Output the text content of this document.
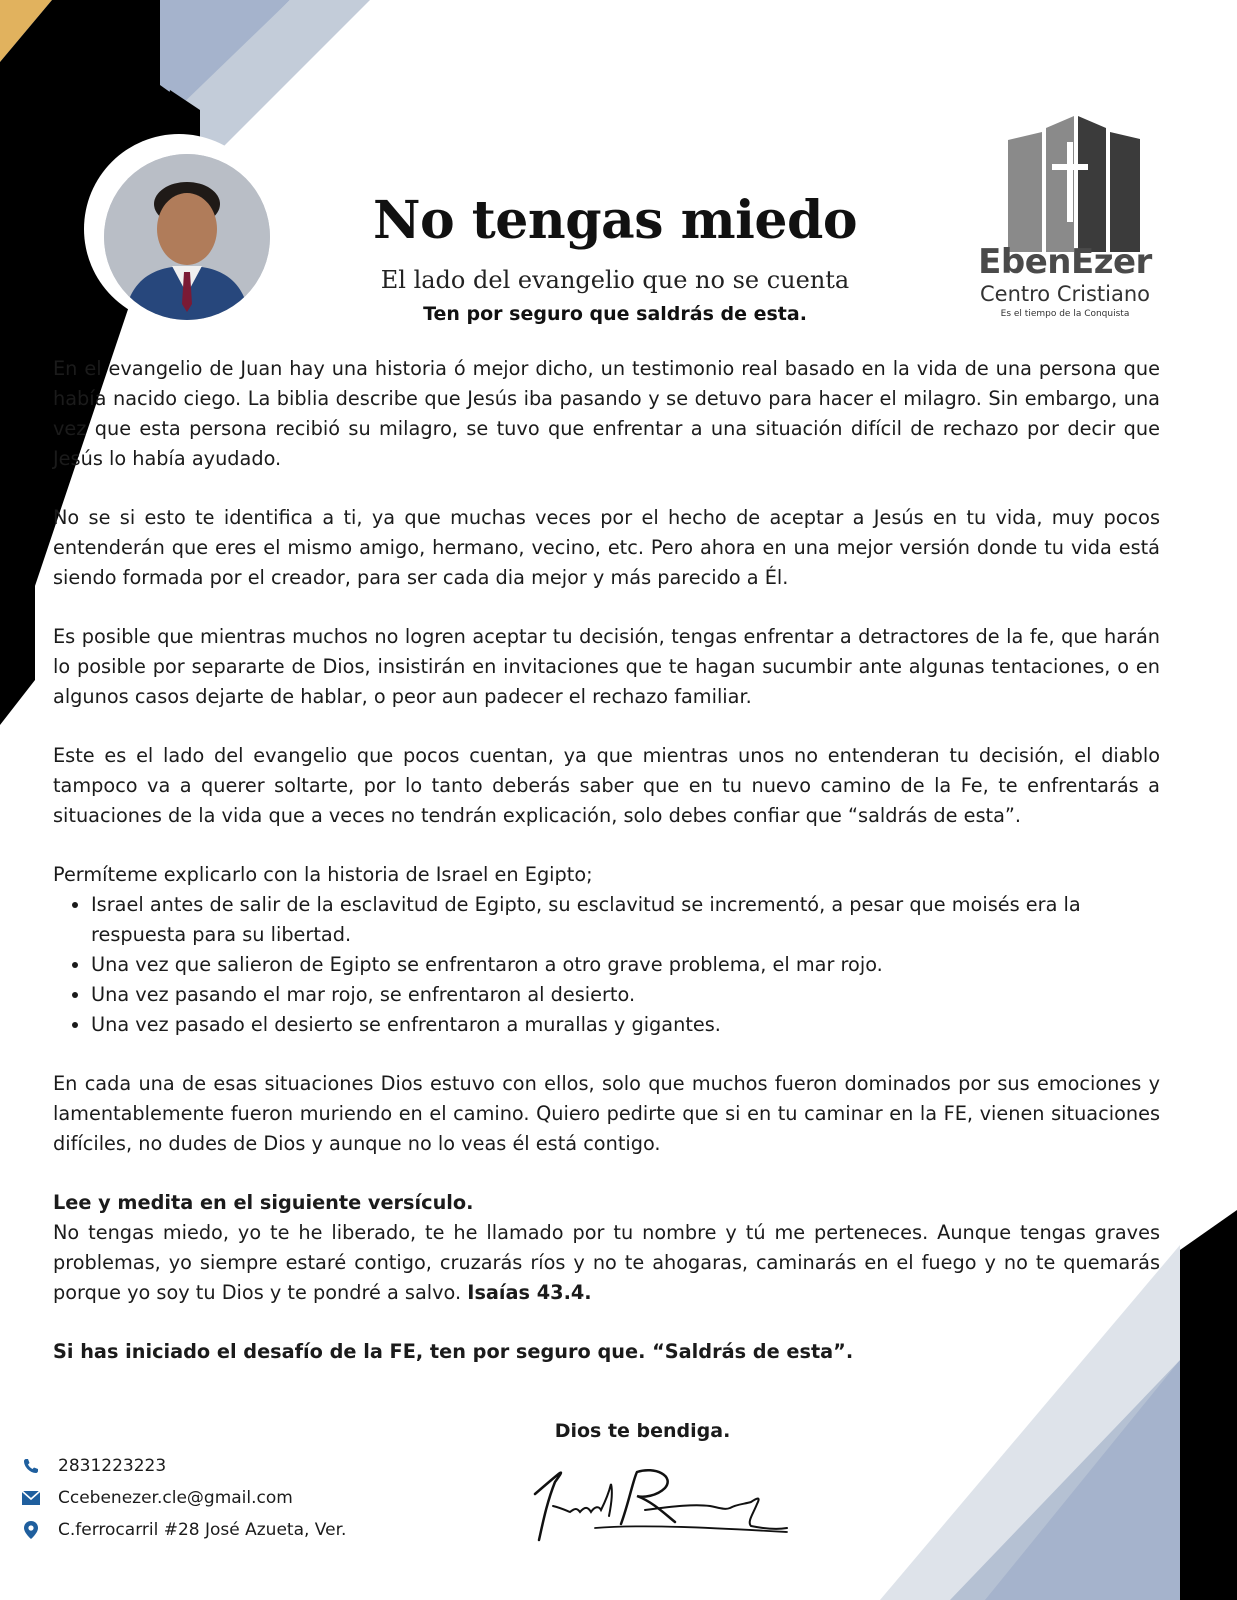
No tengas miedo
El lado del evangelio que no se cuenta
Ten por seguro que saldrás de esta.
EbenEzer
Centro Cristiano
Es el tiempo de la Conquista

En el evangelio de Juan hay una historia ó mejor dicho, un testimonio real basado en la vida de una persona que había nacido ciego. La biblia describe que Jesús iba pasando y se detuvo para hacer el milagro. Sin embargo, una vez que esta persona recibió su milagro, se tuvo que enfrentar a una situación difícil de rechazo por decir que Jesús lo había ayudado.

No se si esto te identifica a ti, ya que muchas veces por el hecho de aceptar a Jesús en tu vida, muy pocos entenderán que eres el mismo amigo, hermano, vecino, etc. Pero ahora en una mejor versión donde tu vida está siendo formada por el creador, para ser cada dia mejor y más parecido a Él.

Es posible que mientras muchos no logren aceptar tu decisión, tengas enfrentar a detractores de la fe, que harán lo posible por separarte de Dios, insistirán en invitaciones que te hagan sucumbir ante algunas tentaciones, o en algunos casos dejarte de hablar, o peor aun padecer el rechazo familiar.

Este es el lado del evangelio que pocos cuentan, ya que mientras unos no entenderan tu decisión, el diablo tampoco va a querer soltarte, por lo tanto deberás saber que en tu nuevo camino de la Fe, te enfrentarás a situaciones de la vida que a veces no tendrán explicación, solo debes confiar que “saldrás de esta”.

Permíteme explicarlo con la historia de Israel en Egipto;

• Israel antes de salir de la esclavitud de Egipto, su esclavitud se incrementó, a pesar que moisés era la respuesta para su libertad.
• Una vez que salieron de Egipto se enfrentaron a otro grave problema, el mar rojo.
• Una vez pasando el mar rojo, se enfrentaron al desierto.
• Una vez pasado el desierto se enfrentaron a murallas y gigantes.

En cada una de esas situaciones Dios estuvo con ellos, solo que muchos fueron dominados por sus emociones y lamentablemente fueron muriendo en el camino. Quiero pedirte que si en tu caminar en la FE, vienen situaciones difíciles, no dudes de Dios y aunque no lo veas él está contigo.

Lee y medita en el siguiente versículo.

No tengas miedo, yo te he liberado, te he llamado por tu nombre y tú me perteneces. Aunque tengas graves problemas, yo siempre estaré contigo, cruzarás ríos y no te ahogaras, caminarás en el fuego y no te quemarás porque yo soy tu Dios y te pondré a salvo. Isaías 43.4.

Si has iniciado el desafío de la FE, ten por seguro que. “Saldrás de esta”.

Dios te bendiga.
2831223223
Ccebenezer.cle@gmail.com
C.ferrocarril #28 José Azueta, Ver.
